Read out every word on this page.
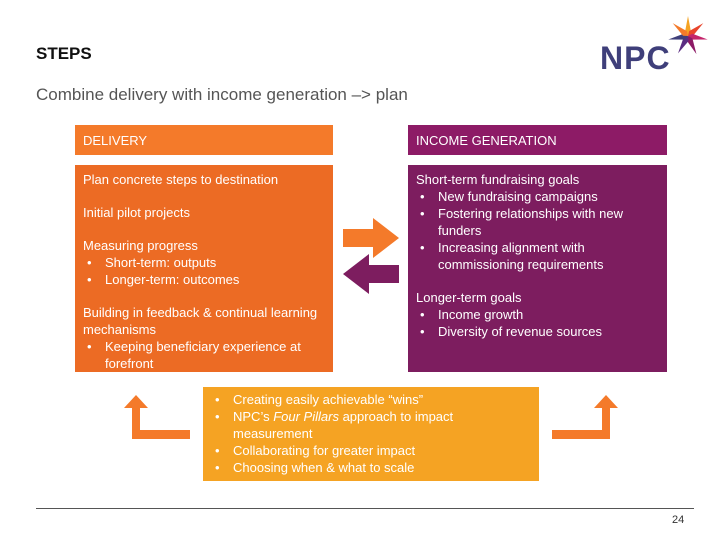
STEPS
Combine delivery with income generation –> plan
NPC
DELIVERY	INCOME GENERATION

Plan concrete steps to destination

Initial pilot projects

Measuring progress

• Short-term: outputs
• Longer-term: outcomes

Building in feedback & continual learning mechanisms

• Keeping beneficiary experience at forefront

Short-term fundraising goals

• New fundraising campaigns
• Fostering relationships with new funders
• Increasing alignment with commissioning requirements

Longer-term goals

• Income growth
• Diversity of revenue sources
• Creating easily achievable “wins”
• NPC’s Four Pillars approach to impact measurement
• Collaborating for greater impact
• Choosing when & what to scale
24
